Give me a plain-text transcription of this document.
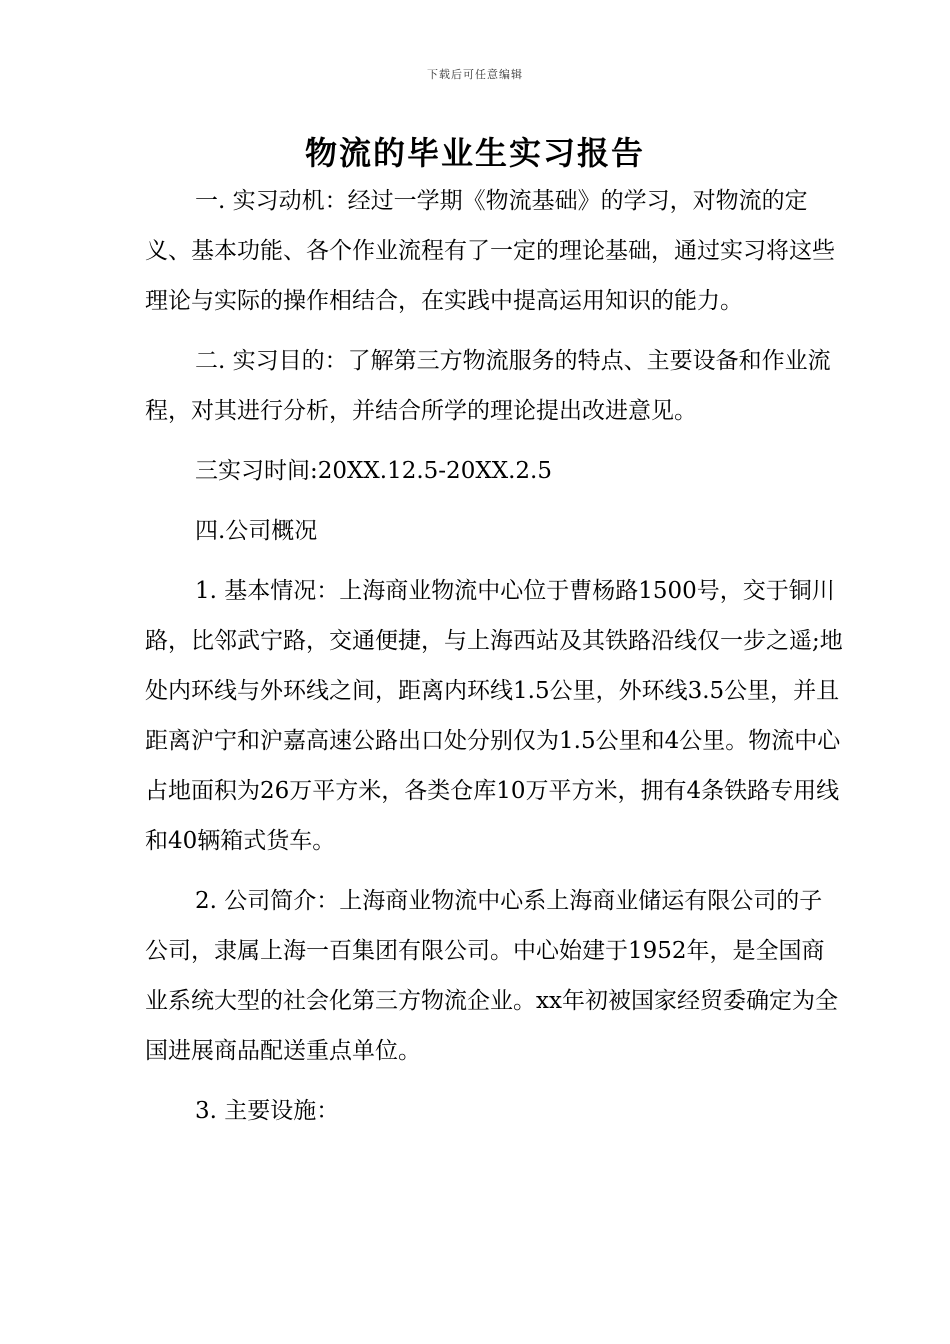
下载后可任意编辑
物流的毕业生实习报告

一. 实习动机：经过一学期《物流基础》的学习，对物流的定义、基本功能、各个作业流程有了一定的理论基础，通过实习将这些理论与实际的操作相结合，在实践中提高运用知识的能力。

二. 实习目的：了解第三方物流服务的特点、主要设备和作业流程，对其进行分析，并结合所学的理论提出改进意见。

三实习时间:20XX.12.5-20XX.2.5

四.公司概况

1. 基本情况：上海商业物流中心位于曹杨路1500号，交于铜川路，比邻武宁路，交通便捷，与上海西站及其铁路沿线仅一步之遥;地处内环线与外环线之间，距离内环线1.5公里，外环线3.5公里，并且距离沪宁和沪嘉高速公路出口处分别仅为1.5公里和4公里。物流中心占地面积为26万平方米，各类仓库10万平方米，拥有4条铁路专用线和40辆箱式货车。

2. 公司简介：上海商业物流中心系上海商业储运有限公司的子公司，隶属上海一百集团有限公司。中心始建于1952年，是全国商业系统大型的社会化第三方物流企业。xx年初被国家经贸委确定为全国进展商品配送重点单位。

3. 主要设施：
